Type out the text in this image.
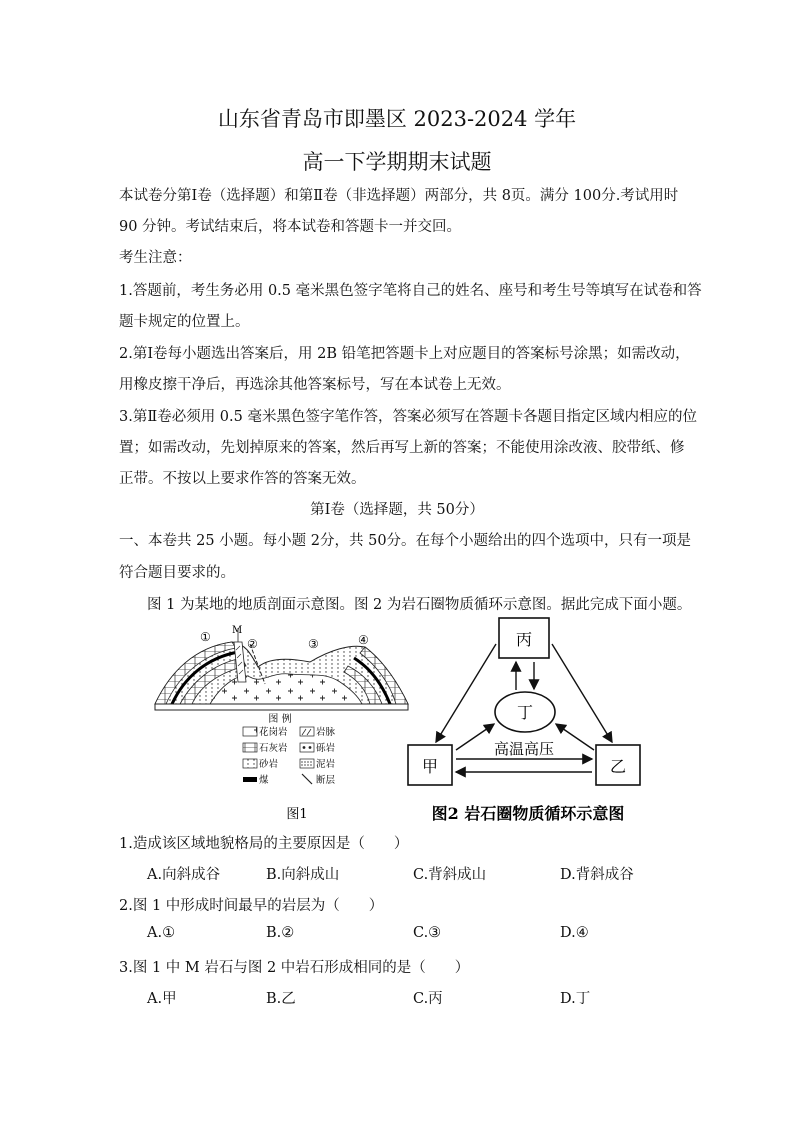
山东省青岛市即墨区 2023-2024 学年
高一下学期期末试题
本试卷分第Ⅰ卷（选择题）和第Ⅱ卷（非选择题）两部分，共 8页。满分 100分.考试用时
90 分钟。考试结束后，将本试卷和答题卡一并交回。
考生注意：
1.答题前，考生务必用 0.5 毫米黑色签字笔将自己的姓名、座号和考生号等填写在试卷和答
题卡规定的位置上。
2.第Ⅰ卷每小题选出答案后，用 2B 铅笔把答题卡上对应题目的答案标号涂黑；如需改动，
用橡皮擦干净后，再选涂其他答案标号，写在本试卷上无效。
3.第Ⅱ卷必须用 0.5 毫米黑色签字笔作答，答案必须写在答题卡各题目指定区域内相应的位
置；如需改动，先划掉原来的答案，然后再写上新的答案；不能使用涂改液、胶带纸、修
正带。不按以上要求作答的答案无效。
第Ⅰ卷（选择题，共 50分）
一、本卷共 25 小题。每小题 2分，共 50分。在每个小题给出的四个选项中，只有一项是
符合题目要求的。
图 1 为某地的地质剖面示意图。图 2 为岩石圈物质循环示意图。据此完成下面小题。
① M
②	③	④
图 例
花岗岩	岩脉
石灰岩	砾岩
砂岩	泥岩
煤	断层
图1
丙
丁
甲	乙
高温高压
图2 岩石圈物质循环示意图
1.造成该区域地貌格局的主要原因是（　　）
A.向斜成谷	B.向斜成山	C.背斜成山	D.背斜成谷
2.图 1 中形成时间最早的岩层为（　　）
A.①	B.②	C.③	D.④
3.图 1 中 M 岩石与图 2 中岩石形成相同的是（　　）
A.甲	B.乙	C.丙	D.丁
